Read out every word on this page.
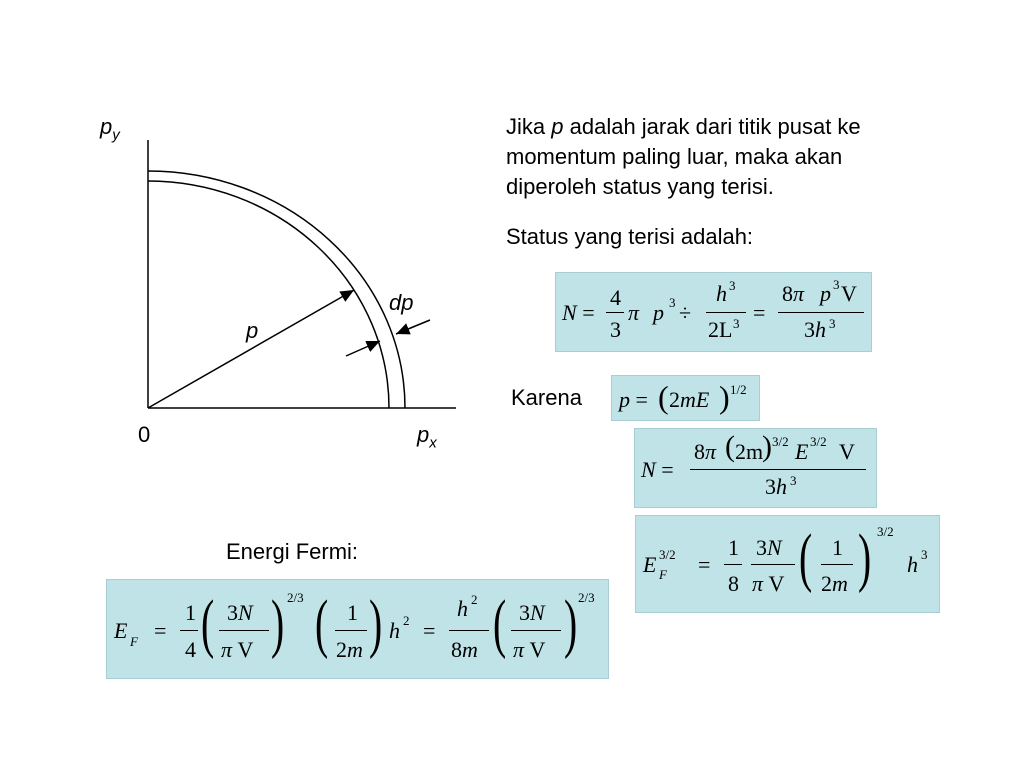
$p_y$
$p_x$
0
p
dp

Jika p adalah jarak dari titik pusat ke momentum paling luar, maka akan diperoleh status yang terisi.

Status yang terisi adalah:
Karena
Energi Fermi:
N =
4
3
π p 3 ÷
h 3
2L 3 =
8π p 3 V
3h 3
p = ( 2mE ) 1/2
N =
8π ( 2m
) 3/2 E 3/2 V
3h 3
E 3/2
F =
1
8
3N
π V ( 1
2m ) 3/2
h 3
E F =
1
4 ( 3N
π V ) 2/3 ( 1
2m ) h 2 =
h 2
8m ( 3N
π V ) 2/3
